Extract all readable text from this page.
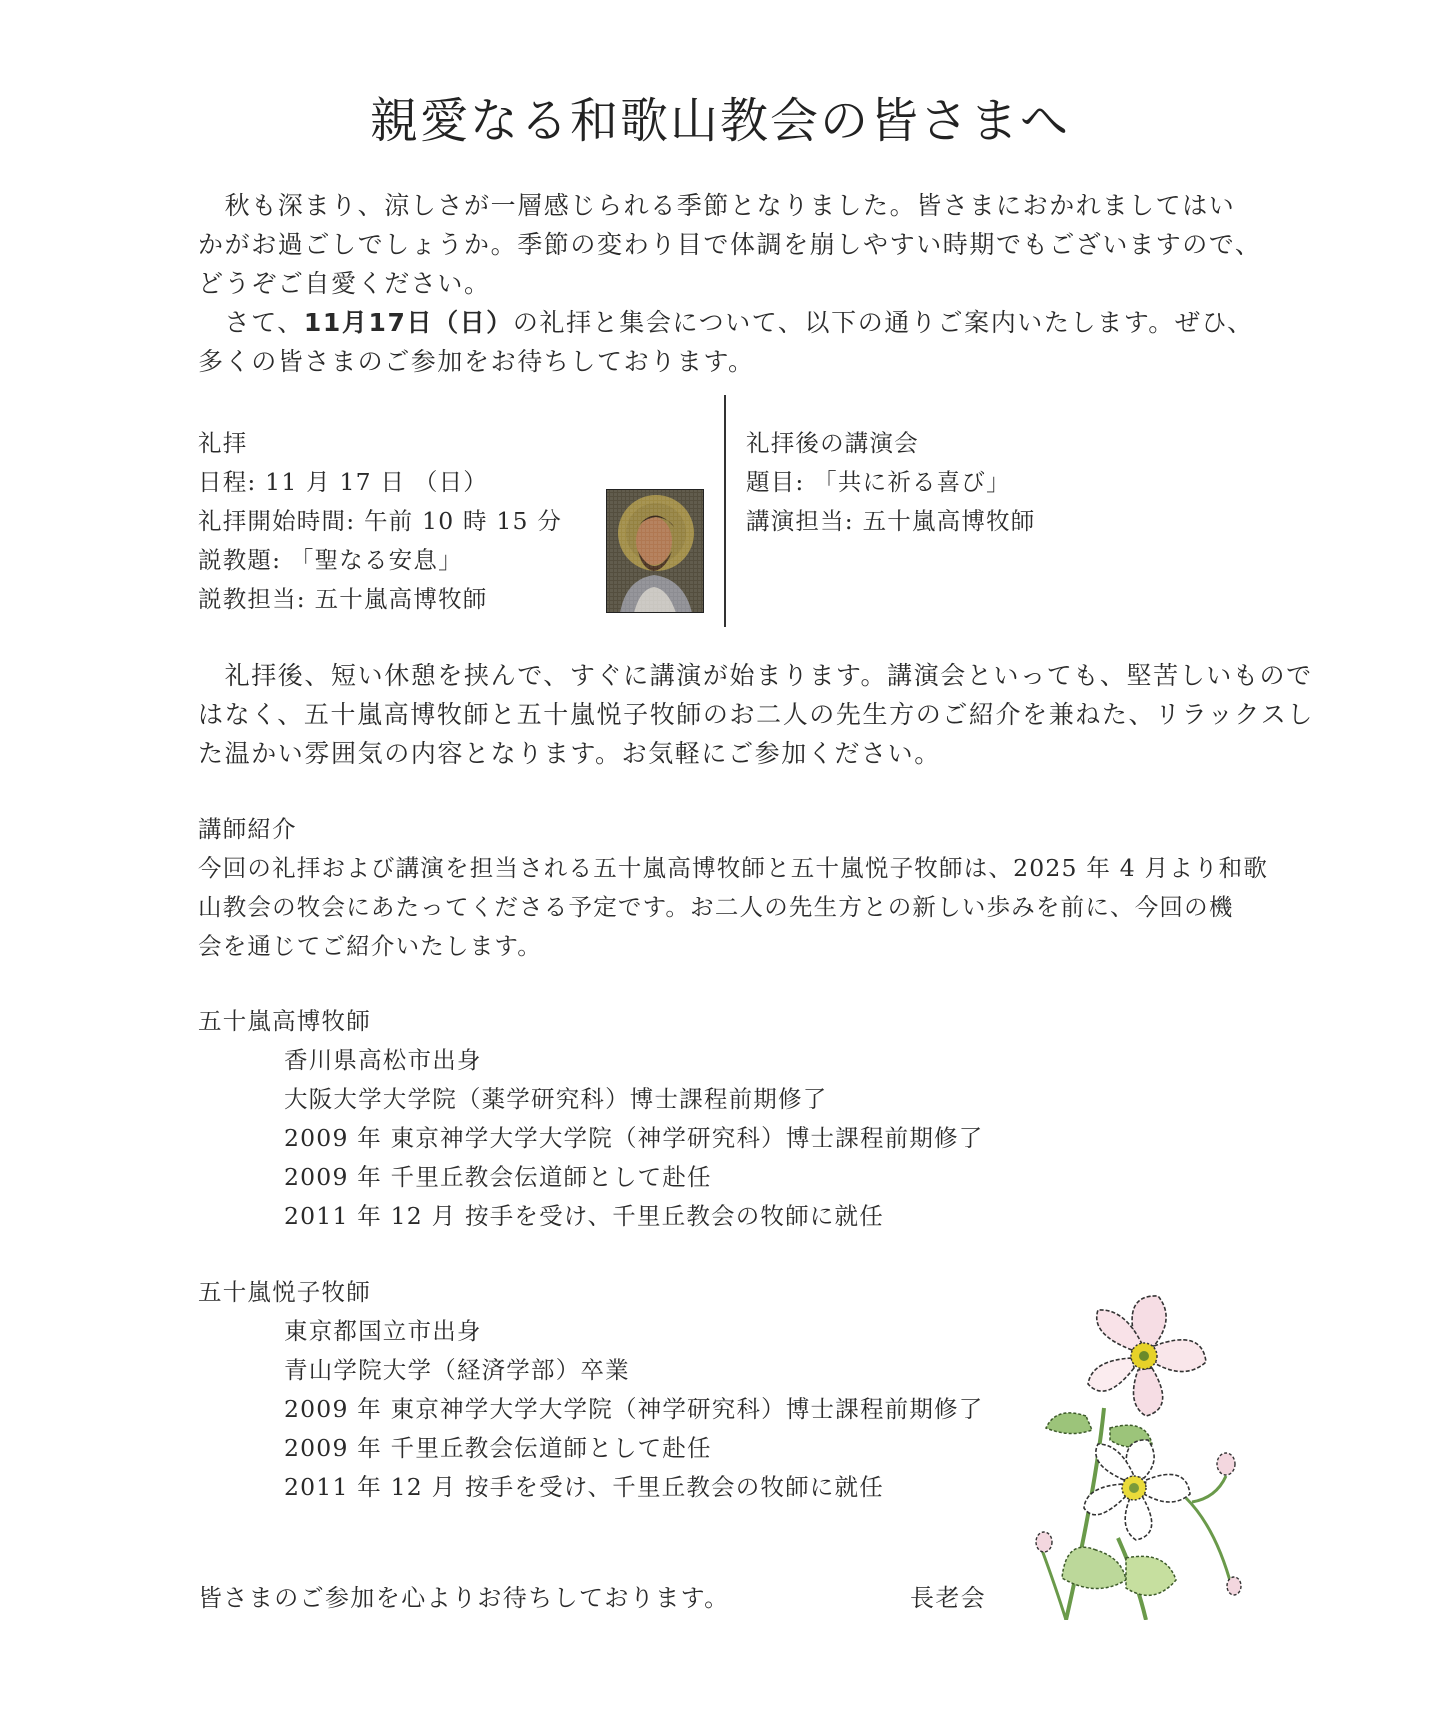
親愛なる和歌山教会の皆さまへ
　秋も深まり、涼しさが一層感じられる季節となりました。皆さまにおかれましてはい
かがお過ごしでしょうか。季節の変わり目で体調を崩しやすい時期でもございますので、
どうぞご自愛ください。
　さて、11月17日（日）の礼拝と集会について、以下の通りご案内いたします。ぜひ、
多くの皆さまのご参加をお待ちしております。
礼拝
日程: 11 月 17 日 （日）
礼拝開始時間: 午前 10 時 15 分
説教題: 「聖なる安息」
説教担当: 五十嵐高博牧師
礼拝後の講演会
題目: 「共に祈る喜び」
講演担当: 五十嵐高博牧師
　礼拝後、短い休憩を挟んで、すぐに講演が始まります。講演会といっても、堅苦しいもので
はなく、五十嵐高博牧師と五十嵐悦子牧師のお二人の先生方のご紹介を兼ねた、リラックスし
た温かい雰囲気の内容となります。お気軽にご参加ください。
講師紹介
今回の礼拝および講演を担当される五十嵐高博牧師と五十嵐悦子牧師は、2025 年 4 月より和歌
山教会の牧会にあたってくださる予定です。お二人の先生方との新しい歩みを前に、今回の機
会を通じてご紹介いたします。
五十嵐高博牧師
香川県高松市出身
大阪大学大学院（薬学研究科）博士課程前期修了
2009 年 東京神学大学大学院（神学研究科）博士課程前期修了
2009 年 千里丘教会伝道師として赴任
2011 年 12 月 按手を受け、千里丘教会の牧師に就任
五十嵐悦子牧師
東京都国立市出身
青山学院大学（経済学部）卒業
2009 年 東京神学大学大学院（神学研究科）博士課程前期修了
2009 年 千里丘教会伝道師として赴任
2011 年 12 月 按手を受け、千里丘教会の牧師に就任
皆さまのご参加を心よりお待ちしております。	長老会
